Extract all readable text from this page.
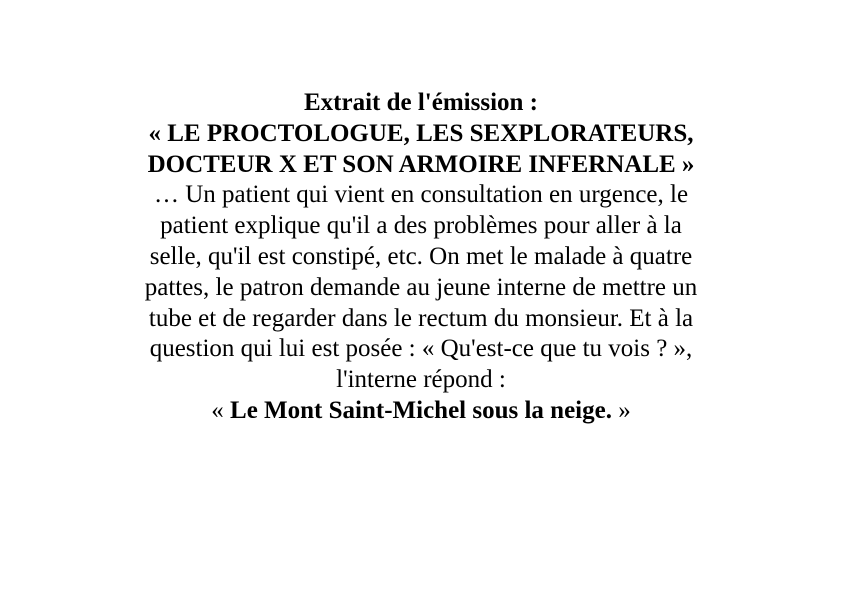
Extrait de l'émission :
« LE PROCTOLOGUE, LES SEXPLORATEURS,
DOCTEUR X ET SON ARMOIRE INFERNALE »
… Un patient qui vient en consultation en urgence, le
patient explique qu'il a des problèmes pour aller à la
selle, qu'il est constipé, etc. On met le malade à quatre
pattes, le patron demande au jeune interne de mettre un
tube et de regarder dans le rectum du monsieur. Et à la
question qui lui est posée : « Qu'est-ce que tu vois ? »,
l'interne répond :
« Le Mont Saint-Michel sous la neige. »
